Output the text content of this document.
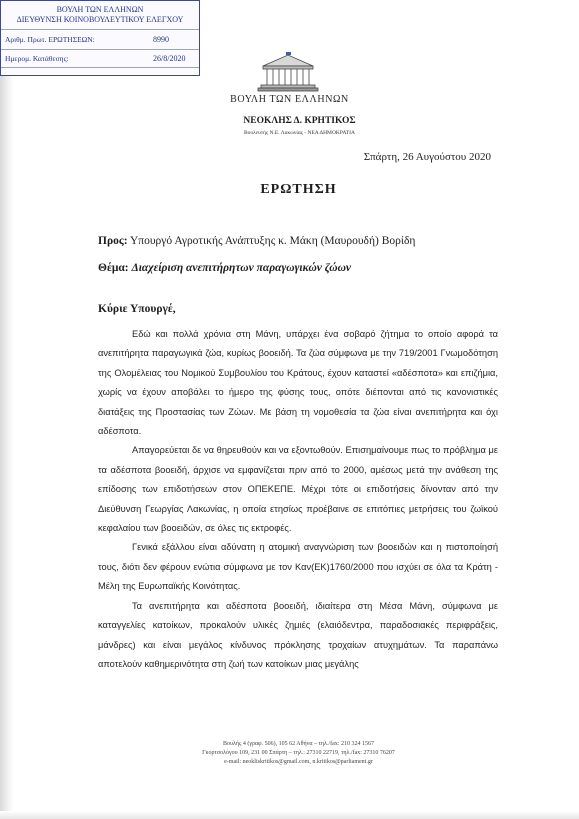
ΒΟΥΛΗ ΤΩΝ ΕΛΛΗΝΩΝ
ΔΙΕΥΘΥΝΣΗ ΚΟΙΝΟΒΟΥΛΕΥΤΙΚΟΥ ΕΛΕΓΧΟΥ
Αριθμ. Πρωτ. ΕΡΩΤΗΣΕΩΝ:	8990
Ημερομ. Κατάθεσης:	26/8/2020
ΒΟΥΛΗ ΤΩΝ ΕΛΛΗΝΩΝ
ΝΕΟΚΛΗΣ Δ. ΚΡΗΤΙΚΟΣ
Βουλευτής Ν.Ε. Λακωνίας - ΝΕΑ ΔΗΜΟΚΡΑΤΙΑ
Σπάρτη, 26 Αυγούστου 2020
ΕΡΩΤΗΣΗ
Προς: Υπουργό Αγροτικής Ανάπτυξης κ. Μάκη (Μαυρουδή) Βορίδη
Θέμα: Διαχείριση ανεπιτήρητων παραγωγικών ζώων
Κύριε Υπουργέ,

Εδώ και πολλά χρόνια στη Μάνη, υπάρχει ένα σοβαρό ζήτημα το οποίο αφορά τα ανεπιτήρητα παραγωγικά ζώα, κυρίως βοοειδή. Τα ζώα σύμφωνα με την 719/2001 Γνωμοδότηση της Ολομέλειας του Νομικού Συμβουλίου του Κράτους, έχουν καταστεί «αδέσποτα» και επιζήμια, χωρίς να έχουν αποβάλει το ήμερο της φύσης τους, οπότε διέπονται από τις κανονιστικές διατάξεις της Προστασίας των Ζώων. Με βάση τη νομοθεσία τα ζώα είναι ανεπιτήρητα και όχι αδέσποτα.

Απαγορεύεται δε να θηρευθούν και να εξοντωθούν. Επισημαίνουμε πως το πρόβλημα με τα αδέσποτα βοοειδή, άρχισε να εμφανίζεται πριν από το 2000, αμέσως μετά την ανάθεση της επίδοσης των επιδοτήσεων στον ΟΠΕΚΕΠΕ. Μέχρι τότε οι επιδοτήσεις δίνονταν από την Διεύθυνση Γεωργίας Λακωνίας, η οποία ετησίως προέβαινε σε επιτόπιες μετρήσεις του ζωϊκού κεφαλαίου των βοοειδών, σε όλες τις εκτροφές.

Γενικά εξάλλου είναι αδύνατη η ατομική αναγνώριση των βοοειδών και η πιστοποίησή τους, διότι δεν φέρουν ενώτια σύμφωνα με τον Καν(ΕΚ)1760/2000 που ισχύει σε όλα τα Κράτη - Μέλη της Ευρωπαϊκής Κοινότητας.

Τα ανεπιτήρητα και αδέσποτα βοοειδή, ιδιαίτερα στη Μέσα Μάνη, σύμφωνα με καταγγελίες κατοίκων, προκαλούν υλικές ζημιές (ελαιόδεντρα, παραδοσιακές περιφράξεις, μάνδρες) και είναι μεγάλος κίνδυνος πρόκλησης τροχαίων ατυχημάτων. Τα παραπάνω αποτελούν καθημερινότητα στη ζωή των κατοίκων μιας μεγάλης

Βουλής 4 (γραφ. 506), 105 62 Αθήνα – τηλ./fax: 210 324 1567
Γκορτσολόγου 109, 231 00 Σπάρτη – τηλ.: 27310 22719, τηλ./fax: 27310 76207
e-mail: neokliskritikos@gmail.com, n.kritikos@parliament.gr
